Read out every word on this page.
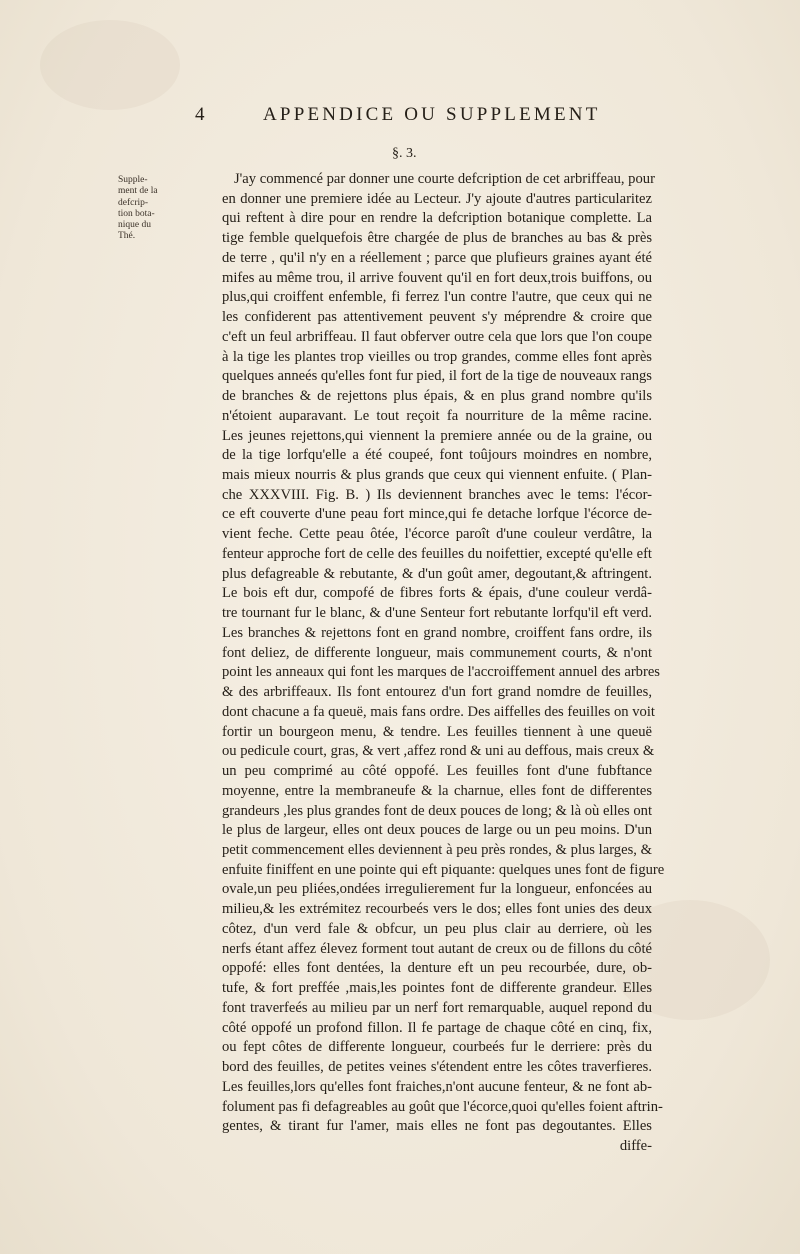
4	APPENDICE OU SUPPLEMENT
§. 3.
Supple-
ment de la
defcrip-
tion bota-
nique du
Thé.
J'ay commencé par donner une courte defcription de cet arbriffeau, pour
en donner une premiere idée au Lecteur. J'y ajoute d'autres particularitez
qui reftent à dire pour en rendre la defcription botanique complette. La
tige femble quelquefois être chargée de plus de branches au bas & près
de terre , qu'il n'y en a réellement ; parce que plufieurs graines ayant été
mifes au même trou, il arrive fouvent qu'il en fort deux,trois buiffons, ou
plus,qui croiffent enfemble, fi ferrez l'un contre l'autre, que ceux qui ne
les confiderent pas attentivement peuvent s'y méprendre & croire que
c'eft un feul arbriffeau. Il faut obferver outre cela que lors que l'on coupe
à la tige les plantes trop vieilles ou trop grandes, comme elles font après
quelques anneés qu'elles font fur pied, il fort de la tige de nouveaux rangs
de branches & de rejettons plus épais, & en plus grand nombre qu'ils
n'étoient auparavant. Le tout reçoit fa nourriture de la même racine.
Les jeunes rejettons,qui viennent la premiere année ou de la graine, ou
de la tige lorfqu'elle a été coupeé, font toûjours moindres en nombre,
mais mieux nourris & plus grands que ceux qui viennent enfuite. ( Plan-
che XXXVIII. Fig. B. ) Ils deviennent branches avec le tems: l'écor-
ce eft couverte d'une peau fort mince,qui fe detache lorfque l'écorce de-
vient feche. Cette peau ôtée, l'écorce paroît d'une couleur verdâtre, la
fenteur approche fort de celle des feuilles du noifettier, excepté qu'elle eft
plus defagreable & rebutante, & d'un goût amer, degoutant,& aftringent.
Le bois eft dur, compofé de fibres forts & épais, d'une couleur verdâ-
tre tournant fur le blanc, & d'une Senteur fort rebutante lorfqu'il eft verd.
Les branches & rejettons font en grand nombre, croiffent fans ordre, ils
font deliez, de differente longueur, mais communement courts, & n'ont
point les anneaux qui font les marques de l'accroiffement annuel des arbres
& des arbriffeaux. Ils font entourez d'un fort grand nomdre de feuilles,
dont chacune a fa queuë, mais fans ordre. Des aiffelles des feuilles on voit
fortir un bourgeon menu, & tendre. Les feuilles tiennent à une queuë
ou pedicule court, gras, & vert ,affez rond & uni au deffous, mais creux &
un peu comprimé au côté oppofé. Les feuilles font d'une fubftance
moyenne, entre la membraneufe & la charnue, elles font de differentes
grandeurs ,les plus grandes font de deux pouces de long; & là où elles ont
le plus de largeur, elles ont deux pouces de large ou un peu moins. D'un
petit commencement elles deviennent à peu près rondes, & plus larges, &
enfuite finiffent en une pointe qui eft piquante: quelques unes font de figure
ovale,un peu pliées,ondées irregulierement fur la longueur, enfoncées au
milieu,& les extrémitez recourbeés vers le dos; elles font unies des deux
côtez, d'un verd fale & obfcur, un peu plus clair au derriere, où les
nerfs étant affez élevez forment tout autant de creux ou de fillons du côté
oppofé: elles font dentées, la denture eft un peu recourbée, dure, ob-
tufe, & fort preffée ,mais,les pointes font de differente grandeur. Elles
font traverfeés au milieu par un nerf fort remarquable, auquel repond du
côté oppofé un profond fillon. Il fe partage de chaque côté en cinq, fix,
ou fept côtes de differente longueur, courbeés fur le derriere: près du
bord des feuilles, de petites veines s'étendent entre les côtes traverfieres.
Les feuilles,lors qu'elles font fraiches,n'ont aucune fenteur, & ne font ab-
folument pas fi defagreables au goût que l'écorce,quoi qu'elles foient aftrin-
gentes, & tirant fur l'amer, mais elles ne font pas degoutantes. Elles
diffe-
